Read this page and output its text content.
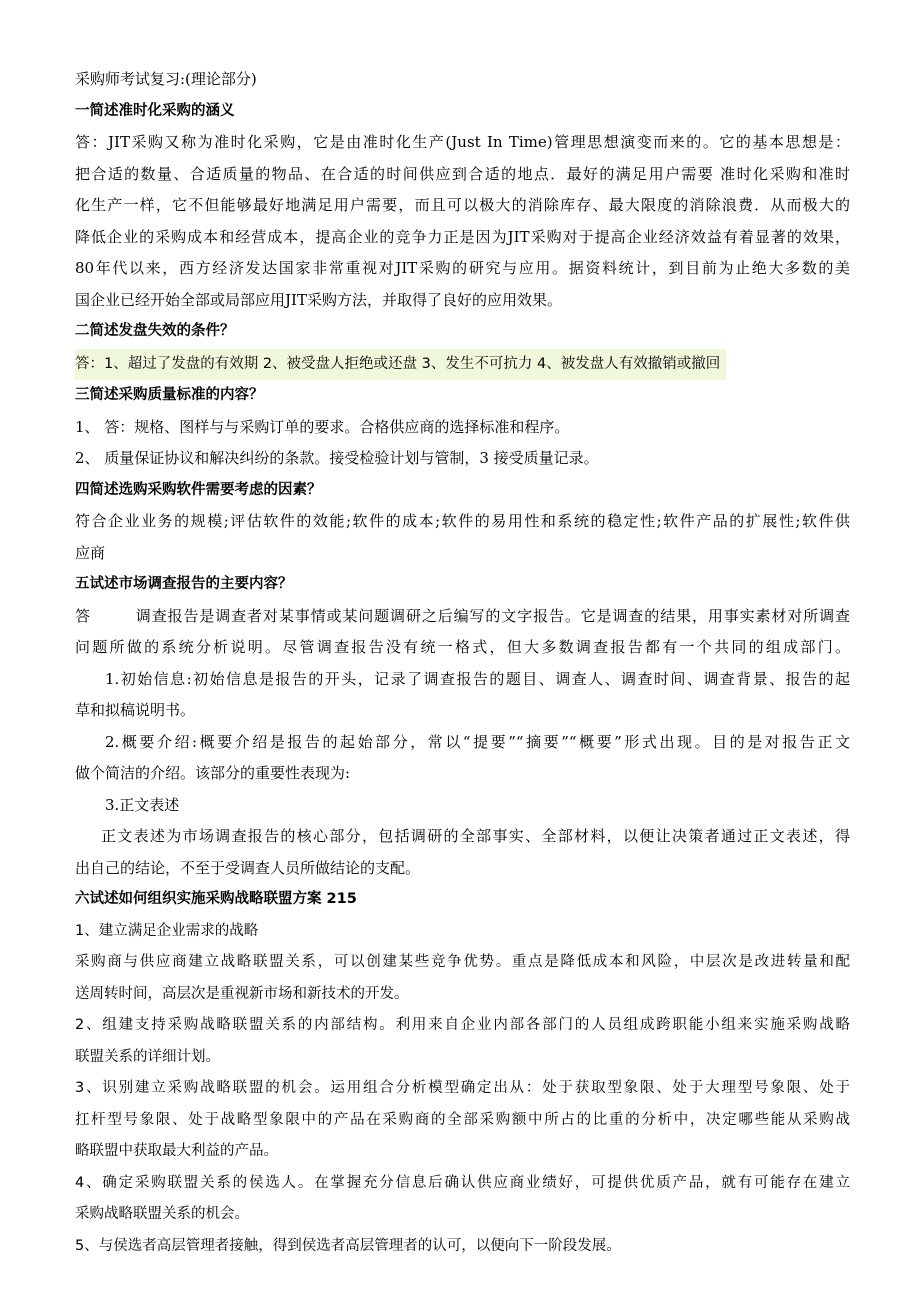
采购师考试复习:(理论部分)
一简述准时化采购的涵义
答：JIT采购又称为准时化采购，它是由准时化生产(Just In Time)管理思想演变而来的。它的基本思想是：
把合适的数量、合适质量的物品、在合适的时间供应到合适的地点．最好的满足用户需要 准时化采购和准时
化生产一样，它不但能够最好地满足用户需要，而且可以极大的消除库存、最大限度的消除浪费．从而极大的
降低企业的采购成本和经营成本，提高企业的竞争力正是因为JIT采购对于提高企业经济效益有着显著的效果，
80年代以来，西方经济发达国家非常重视对JIT采购的研究与应用。据资料统计，到目前为止绝大多数的美
国企业已经开始全部或局部应用JIT采购方法，并取得了良好的应用效果。
二简述发盘失效的条件？
答：1、超过了发盘的有效期 2、被受盘人拒绝或还盘 3、发生不可抗力 4、被发盘人有效撤销或撤回
三简述采购质量标准的内容？
1、 答：规格、图样与与采购订单的要求。合格供应商的选择标准和程序。
2、 质量保证协议和解决纠纷的条款。接受检验计划与管制，3 接受质量记录。
四简述选购采购软件需要考虑的因素？
符合企业业务的规模;评估软件的效能;软件的成本;软件的易用性和系统的稳定性;软件产品的扩展性;软件供
应商
五试述市场调查报告的主要内容？
答	调查报告是调查者对某事情或某问题调研之后编写的文字报告。它是调查的结果，用事实素材对所调查
问题所做的系统分析说明。尽管调查报告没有统一格式，但大多数调查报告都有一个共同的组成部门。
1.初始信息:初始信息是报告的开头，记录了调查报告的题目、调查人、调查时间、调查背景、报告的起
草和拟稿说明书。
2.概要介绍:概要介绍是报告的起始部分，常以“提要”“摘要”“概要”形式出现。目的是对报告正文
做个简洁的介绍。该部分的重要性表现为:
3.正文表述
正文表述为市场调查报告的核心部分，包括调研的全部事实、全部材料，以便让决策者通过正文表述，得
出自己的结论，不至于受调查人员所做结论的支配。
六试述如何组织实施采购战略联盟方案 215
1、建立满足企业需求的战略
采购商与供应商建立战略联盟关系，可以创建某些竞争优势。重点是降低成本和风险，中层次是改进转量和配
送周转时间，高层次是重视新市场和新技术的开发。
2、组建支持采购战略联盟关系的内部结构。利用来自企业内部各部门的人员组成跨职能小组来实施采购战略
联盟关系的详细计划。
3、识别建立采购战略联盟的机会。运用组合分析模型确定出从：处于获取型象限、处于大理型号象限、处于
扛杆型号象限、处于战略型象限中的产品在采购商的全部采购额中所占的比重的分析中，决定哪些能从采购战
略联盟中获取最大利益的产品。
4、确定采购联盟关系的侯选人。在掌握充分信息后确认供应商业绩好，可提供优质产品，就有可能存在建立
采购战略联盟关系的机会。
5、与侯选者高层管理者接触，得到侯选者高层管理者的认可，以便向下一阶段发展。
